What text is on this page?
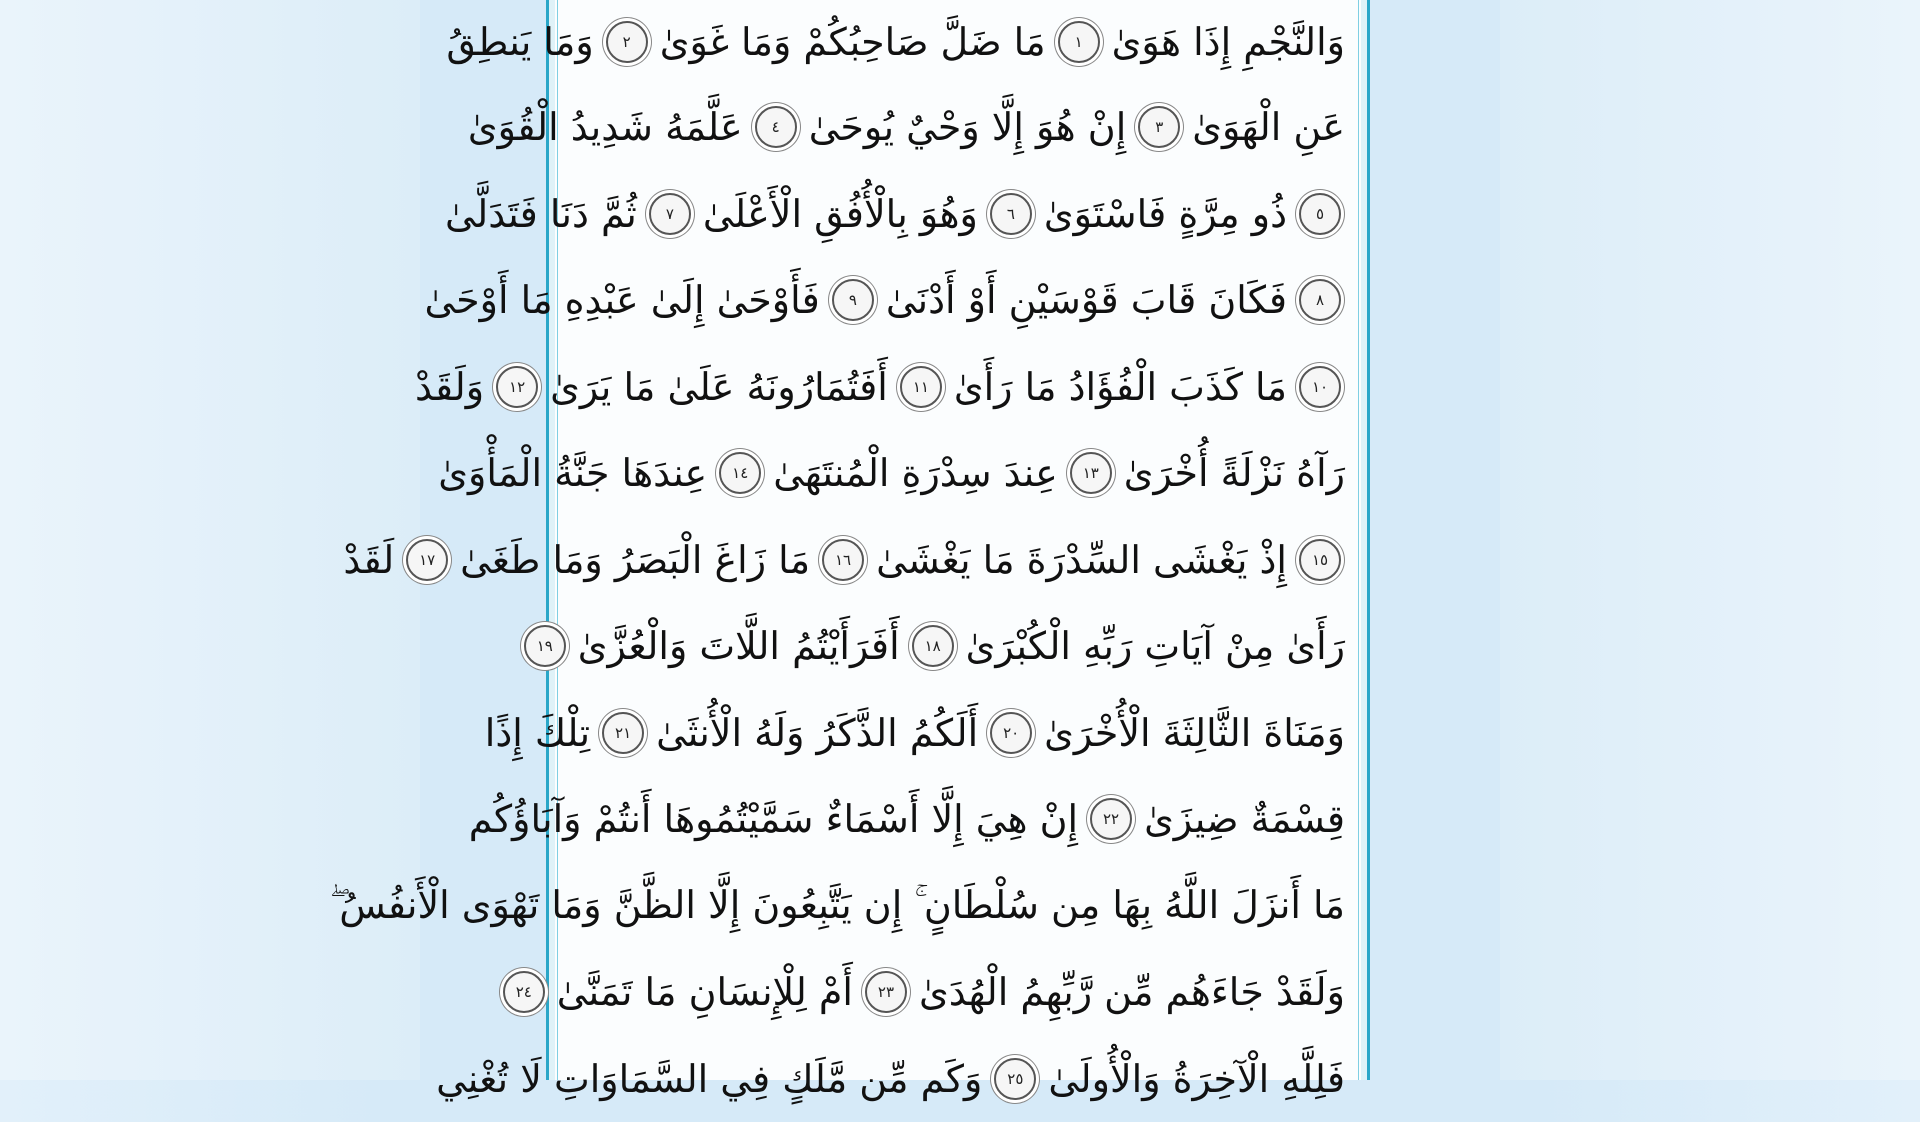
وَالنَّجْمِ إِذَا هَوَىٰ
١
مَا ضَلَّ صَاحِبُكُمْ وَمَا غَوَىٰ
٢
وَمَا يَنطِقُ
عَنِ الْهَوَىٰ
٣
إِنْ هُوَ إِلَّا وَحْيٌ يُوحَىٰ
٤
عَلَّمَهُ شَدِيدُ الْقُوَىٰ
٥
ذُو مِرَّةٍ فَاسْتَوَىٰ
٦
وَهُوَ بِالْأُفُقِ الْأَعْلَىٰ
٧
ثُمَّ دَنَا فَتَدَلَّىٰ
٨
فَكَانَ قَابَ قَوْسَيْنِ أَوْ أَدْنَىٰ
٩
فَأَوْحَىٰ إِلَىٰ عَبْدِهِ مَا أَوْحَىٰ
١٠
مَا كَذَبَ الْفُؤَادُ مَا رَأَىٰ
١١
أَفَتُمَارُونَهُ عَلَىٰ مَا يَرَىٰ
١٢
وَلَقَدْ
رَآهُ نَزْلَةً أُخْرَىٰ
١٣
عِندَ سِدْرَةِ الْمُنتَهَىٰ
١٤
عِندَهَا جَنَّةُ الْمَأْوَىٰ
١٥
إِذْ يَغْشَى السِّدْرَةَ مَا يَغْشَىٰ
١٦
مَا زَاغَ الْبَصَرُ وَمَا طَغَىٰ
١٧
لَقَدْ
رَأَىٰ مِنْ آيَاتِ رَبِّهِ الْكُبْرَىٰ
١٨
أَفَرَأَيْتُمُ اللَّاتَ وَالْعُزَّىٰ
١٩
وَمَنَاةَ الثَّالِثَةَ الْأُخْرَىٰ
٢٠
أَلَكُمُ الذَّكَرُ وَلَهُ الْأُنثَىٰ
٢١
تِلْكَ إِذًا
قِسْمَةٌ ضِيزَىٰ
٢٢
إِنْ هِيَ إِلَّا أَسْمَاءٌ سَمَّيْتُمُوهَا أَنتُمْ وَآبَاؤُكُم
مَا أَنزَلَ اللَّهُ بِهَا مِن سُلْطَانٍ ۚ إِن يَتَّبِعُونَ إِلَّا الظَّنَّ وَمَا تَهْوَى الْأَنفُسُ ۖ
وَلَقَدْ جَاءَهُم مِّن رَّبِّهِمُ الْهُدَىٰ
٢٣
أَمْ لِلْإِنسَانِ مَا تَمَنَّىٰ
٢٤
فَلِلَّهِ الْآخِرَةُ وَالْأُولَىٰ
٢٥
وَكَم مِّن مَّلَكٍ فِي السَّمَاوَاتِ لَا تُغْنِي
